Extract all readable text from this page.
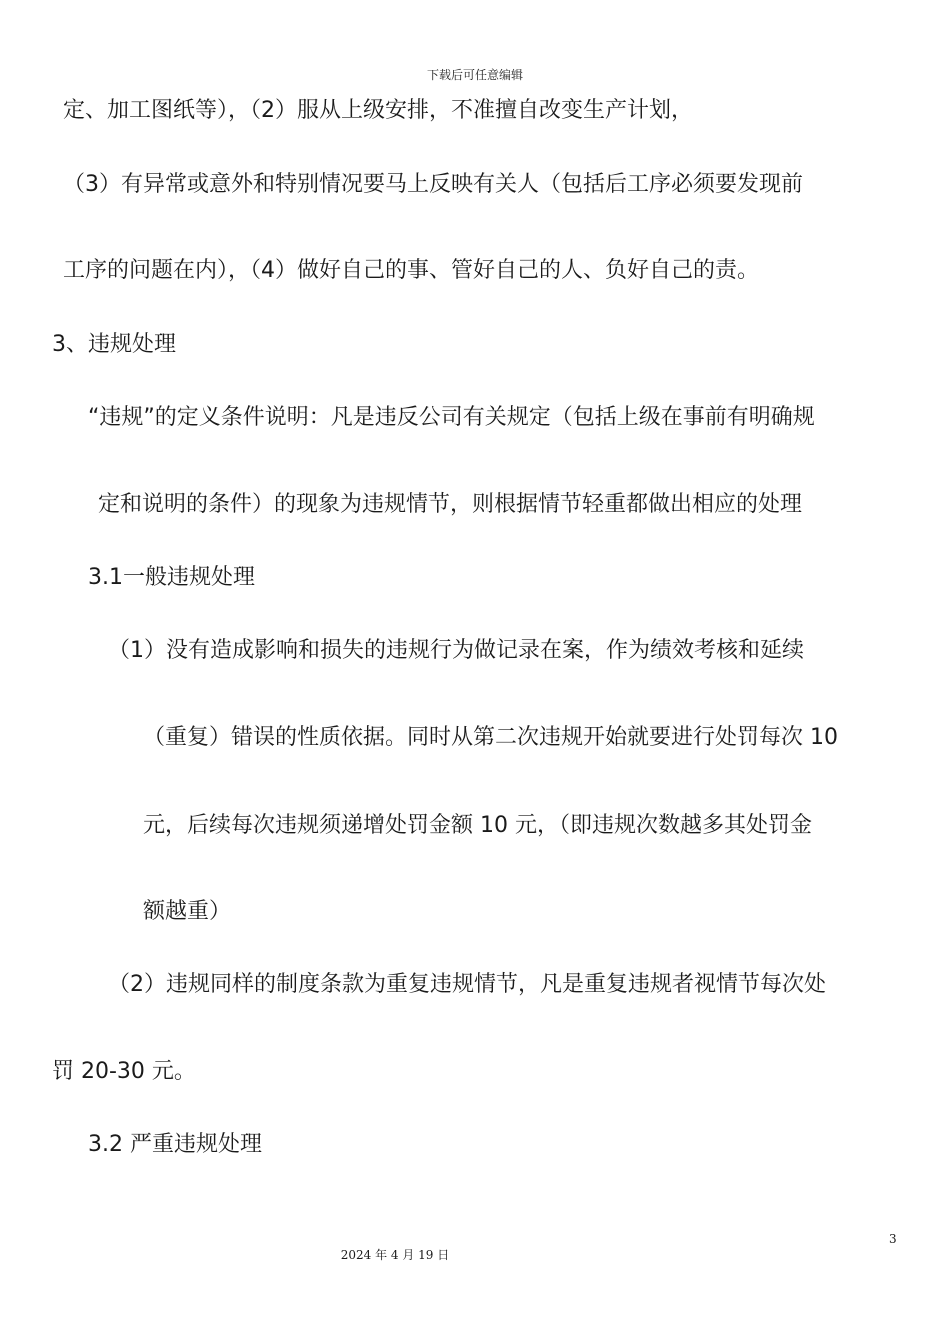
下载后可任意编辑
定、加工图纸等），（2）服从上级安排，不准擅自改变生产计划，
（3）有异常或意外和特别情况要马上反映有关人（包括后工序必须要发现前
工序的问题在内），（4）做好自己的事、管好自己的人、负好自己的责。
3、违规处理
“违规”的定义条件说明：凡是违反公司有关规定（包括上级在事前有明确规
定和说明的条件）的现象为违规情节，则根据情节轻重都做出相应的处理
3.1一般违规处理
（1）没有造成影响和损失的违规行为做记录在案，作为绩效考核和延续
（重复）错误的性质依据。同时从第二次违规开始就要进行处罚每次 10
元，后续每次违规须递增处罚金额 10 元，（即违规次数越多其处罚金
额越重）
（2）违规同样的制度条款为重复违规情节，凡是重复违规者视情节每次处
罚 20-30 元。
3.2 严重违规处理
3
2024 年 4 月 19 日
